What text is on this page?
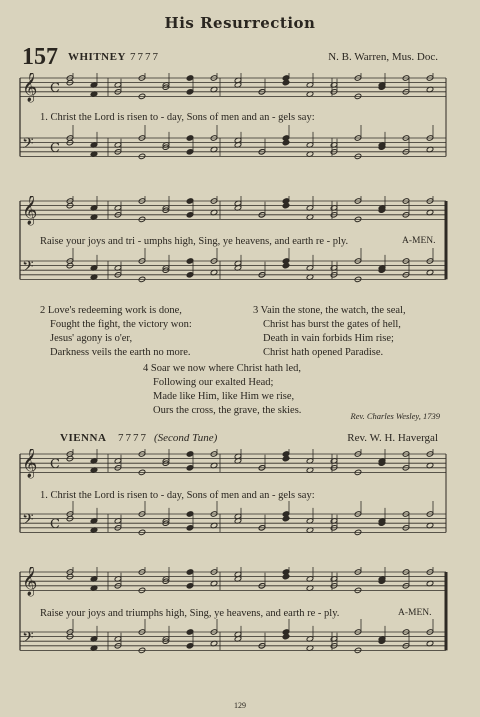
His Resurrection
157 WHITNEY 7777	N. B. Warren, Mus. Doc.
𝄞 C
𝄢 C
1. Christ the Lord is risen to - day, Sons of men and an - gels say:
𝄞
𝄢
Raise your joys and tri - umphs high, Sing, ye heavens, and earth re - ply.	A-MEN.
2 Love's redeeming work is done,
Fought the fight, the victory won:
Jesus' agony is o'er,
Darkness veils the earth no more.
3 Vain the stone, the watch, the seal,
Christ has burst the gates of hell,
Death in vain forbids Him rise;
Christ hath opened Paradise.
4 Soar we now where Christ hath led,
Following our exalted Head;
Made like Him, like Him we rise,
Ours the cross, the grave, the skies.	Rev. Charles Wesley, 1739
VIENNA 7777 (Second Tune)	Rev. W. H. Havergal
𝄞 C
𝄢 C
1. Christ the Lord is risen to - day, Sons of men and an - gels say:
𝄞
𝄢
Raise your joys and triumphs high, Sing, ye heavens, and earth re - ply.	A-MEN.
129
